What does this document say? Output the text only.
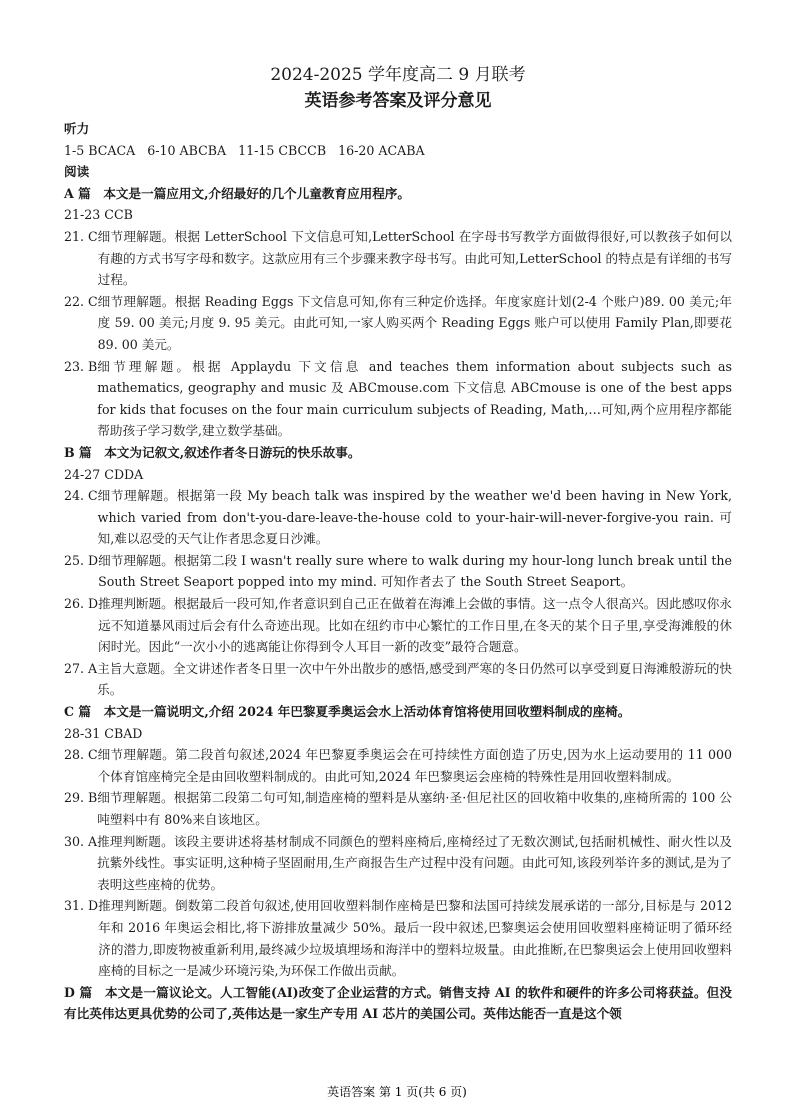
2024-2025 学年度高二 9 月联考

英语参考答案及评分意见

听力

1-5 BCACA   6-10 ABCBA   11-15 CBCCB   16-20 ACABA

阅读

A 篇　本文是一篇应用文,介绍最好的几个儿童教育应用程序。

21-23 CCB

21. C 细节理解题。根据 LetterSchool 下文信息可知,LetterSchool 在字母书写教学方面做得很好,可以教孩子如何以有趣的方式书写字母和数字。这款应用有三个步骤来教字母书写。由此可知,LetterSchool 的特点是有详细的书写过程。
22. C 细节理解题。根据 Reading Eggs 下文信息可知,你有三种定价选择。年度家庭计划(2-4 个账户)89. 00 美元;年度 59. 00 美元;月度 9. 95 美元。由此可知,一家人购买两个 Reading Eggs 账户可以使用 Family Plan,即要花 89. 00 美元。
23. B 细节理解题。根据 Applaydu 下文信息 and teaches them information about subjects such as mathematics, geography and music 及 ABCmouse.com 下文信息 ABCmouse is one of the best apps for kids that focuses on the four main curriculum subjects of Reading, Math,…可知,两个应用程序都能帮助孩子学习数学,建立数学基础。

B 篇　本文为记叙文,叙述作者冬日游玩的快乐故事。

24-27 CDDA

24. C 细节理解题。根据第一段 My beach talk was inspired by the weather we'd been having in New York, which varied from don't-you-dare-leave-the-house cold to your-hair-will-never-forgive-you rain. 可知,难以忍受的天气让作者思念夏日沙滩。
25. D 细节理解题。根据第二段 I wasn't really sure where to walk during my hour-long lunch break until the South Street Seaport popped into my mind. 可知作者去了 the South Street Seaport。
26. D 推理判断题。根据最后一段可知,作者意识到自己正在做着在海滩上会做的事情。这一点令人很高兴。因此感叹你永远不知道暴风雨过后会有什么奇迹出现。比如在纽约市中心繁忙的工作日里,在冬天的某个日子里,享受海滩般的休闲时光。因此“一次小小的逃离能让你得到令人耳目一新的改变”最符合题意。
27. A 主旨大意题。全文讲述作者冬日里一次中午外出散步的感悟,感受到严寒的冬日仍然可以享受到夏日海滩般游玩的快乐。

C 篇　本文是一篇说明文,介绍 2024 年巴黎夏季奥运会水上活动体育馆将使用回收塑料制成的座椅。

28-31 CBAD

28. C 细节理解题。第二段首句叙述,2024 年巴黎夏季奥运会在可持续性方面创造了历史,因为水上运动要用的 11 000 个体育馆座椅完全是由回收塑料制成的。由此可知,2024 年巴黎奥运会座椅的特殊性是用回收塑料制成。
29. B 细节理解题。根据第二段第二句可知,制造座椅的塑料是从塞纳·圣·但尼社区的回收箱中收集的,座椅所需的 100 公吨塑料中有 80%来自该地区。
30. A 推理判断题。该段主要讲述将基材制成不同颜色的塑料座椅后,座椅经过了无数次测试,包括耐机械性、耐火性以及抗紫外线性。事实证明,这种椅子坚固耐用,生产商报告生产过程中没有问题。由此可知,该段列举许多的测试,是为了表明这些座椅的优势。
31. D 推理判断题。倒数第二段首句叙述,使用回收塑料制作座椅是巴黎和法国可持续发展承诺的一部分,目标是与 2012 年和 2016 年奥运会相比,将下游排放量减少 50%。最后一段中叙述,巴黎奥运会使用回收塑料座椅证明了循环经济的潜力,即废物被重新利用,最终减少垃圾填埋场和海洋中的塑料垃圾量。由此推断,在巴黎奥运会上使用回收塑料座椅的目标之一是减少环境污染,为环保工作做出贡献。

D 篇　本文是一篇议论文。人工智能(AI)改变了企业运营的方式。销售支持 AI 的软件和硬件的许多公司将获益。但没有比英伟达更具优势的公司了,英伟达是一家生产专用 AI 芯片的美国公司。英伟达能否一直是这个领

英语答案 第 1 页(共 6 页)
